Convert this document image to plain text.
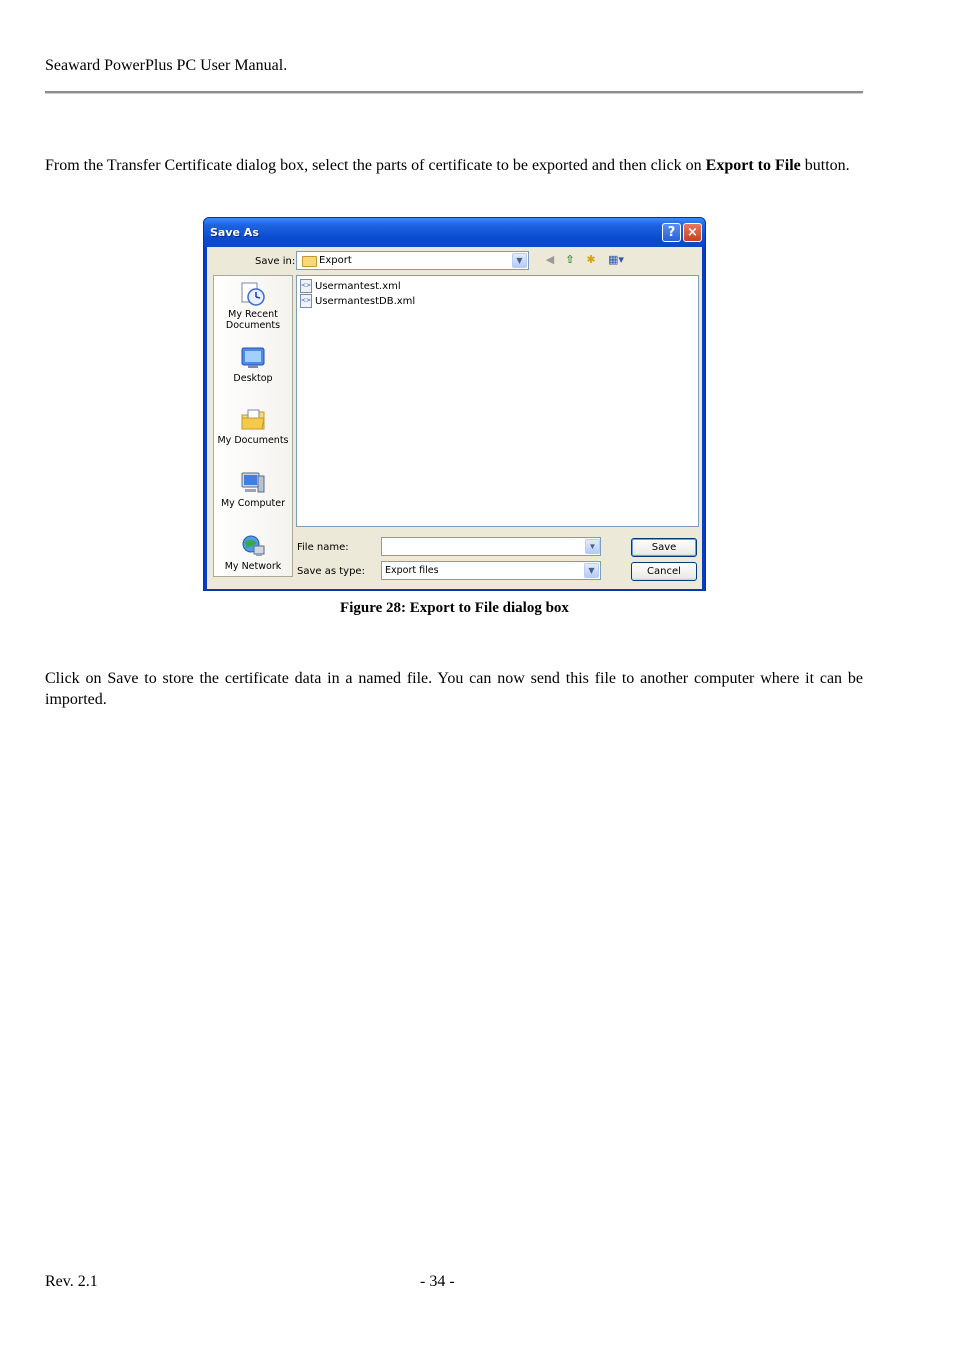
Seaward PowerPlus PC User Manual.
From the Transfer Certificate dialog box, select the parts of certificate to be exported and then click on Export to File button.
Save As	? ×
Save in: Export	▼	◀ ⇧ ✱ ▦▾
My Recent Documents
Desktop
My Documents
My Computer
My Network
<> Usermantest.xml
<> UsermantestDB.xml
File name:
Save as type:
▼
Export files	▼
Save
Cancel
Figure 28: Export to File dialog box
Click on Save to store the certificate data in a named file. You can now send this file to another computer where it can be imported.
Rev. 2.1	- 34 -
